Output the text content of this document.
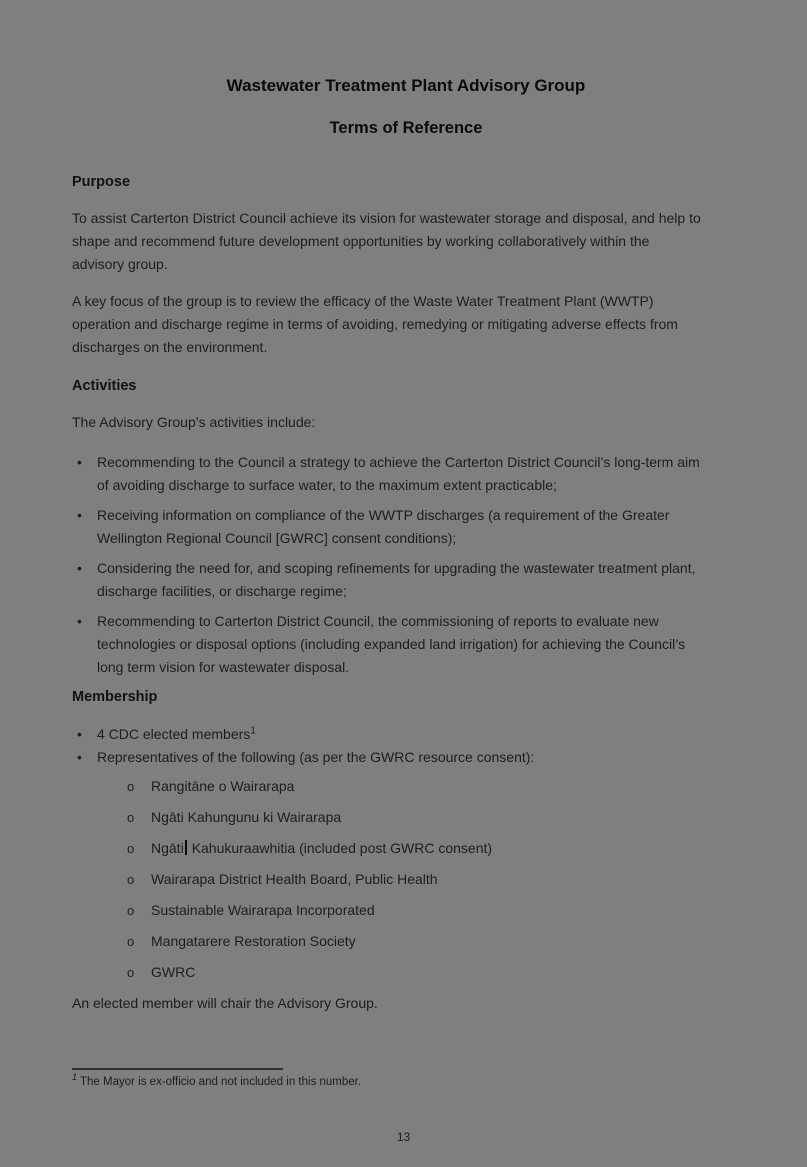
Wastewater Treatment Plant Advisory Group
Terms of Reference
Purpose
To assist Carterton District Council achieve its vision for wastewater storage and disposal, and help to
shape and recommend future development opportunities by working collaboratively within the
advisory group.
A key focus of the group is to review the efficacy of the Waste Water Treatment Plant (WWTP)
operation and discharge regime in terms of avoiding, remedying or mitigating adverse effects from
discharges on the environment.
Activities
The Advisory Group’s activities include:
•	Recommending to the Council a strategy to achieve the Carterton District Council’s long-term aim
of avoiding discharge to surface water, to the maximum extent practicable;
•	Receiving information on compliance of the WWTP discharges (a requirement of the Greater
Wellington Regional Council [GWRC] consent conditions);
•	Considering the need for, and scoping refinements for upgrading the wastewater treatment plant,
discharge facilities, or discharge regime;
•	Recommending to Carterton District Council, the commissioning of reports to evaluate new
technologies or disposal options (including expanded land irrigation) for achieving the Council’s
long term vision for wastewater disposal.
Membership
•	4 CDC elected members$^1$
•	Representatives of the following (as per the GWRC resource consent):
o	Rangitāne o Wairarapa
o	Ngāti Kahungunu ki Wairarapa
o	Ngāti Kahukuraawhitia (included post GWRC consent)
o	Wairarapa District Health Board, Public Health
o	Sustainable Wairarapa Incorporated
o	Mangatarere Restoration Society
o	GWRC
An elected member will chair the Advisory Group.
$^1$ The Mayor is ex-officio and not included in this number.
13
